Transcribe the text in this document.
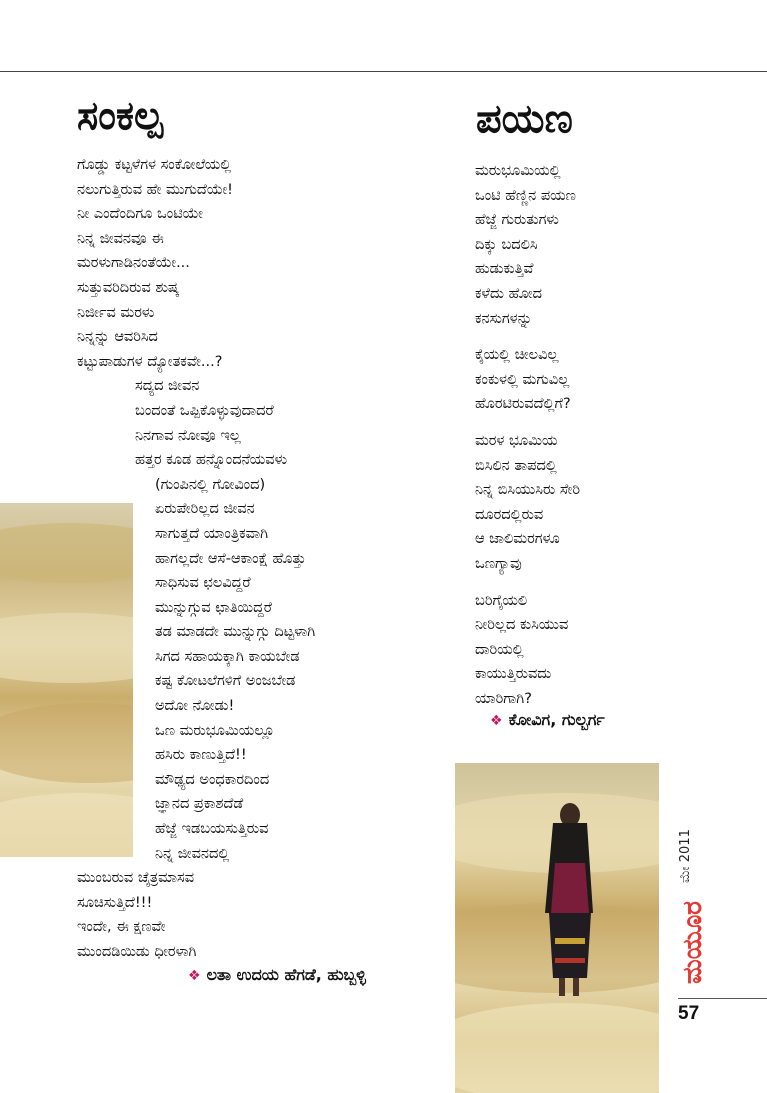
ಸಂಕಲ್ಪ
ಗೊಡ್ಡು ಕಟ್ಟಳೆಗಳ ಸಂಕೋಲೆಯಲ್ಲಿ
ನಲುಗುತ್ತಿರುವ ಹೇ ಮುಗುದೆಯೇ!
ನೀ ಎಂದೆಂದಿಗೂ ಒಂಟಿಯೇ
ನಿನ್ನ ಜೀವನವೂ ಈ
ಮರಳುಗಾಡಿನಂತೆಯೇ...
ಸುತ್ತುವರಿದಿರುವ ಶುಷ್ಕ
ನಿರ್ಜೀವ ಮರಳು
ನಿನ್ನನ್ನು ಆವರಿಸಿದ
ಕಟ್ಟುಪಾಡುಗಳ ದ್ಯೋತಕವೇ...?
ಸದ್ಯದ ಜೀವನ
ಬಂದಂತೆ ಒಪ್ಪಿಕೊಳ್ಳುವುದಾದರೆ
ನಿನಗಾವ ನೋವೂ ಇಲ್ಲ
ಹತ್ತರ ಕೂಡ ಹನ್ನೊಂದನೆಯವಳು
(ಗುಂಪಿನಲ್ಲಿ ಗೋವಿಂದ)
ಏರುಪೇರಿಲ್ಲದ ಜೀವನ
ಸಾಗುತ್ತದೆ ಯಾಂತ್ರಿಕವಾಗಿ
ಹಾಗಲ್ಲದೇ ಆಸೆ-ಆಕಾಂಕ್ಷೆ ಹೊತ್ತು
ಸಾಧಿಸುವ ಛಲವಿದ್ದರೆ
ಮುನ್ನುಗ್ಗುವ ಛಾತಿಯಿದ್ದರೆ
ತಡ ಮಾಡದೇ ಮುನ್ನುಗ್ಗು ದಿಟ್ಟಳಾಗಿ
ಸಿಗದ ಸಹಾಯಕ್ಕಾಗಿ ಕಾಯಬೇಡ
ಕಷ್ಟ ಕೋಟಲೆಗಳಿಗೆ ಅಂಜಬೇಡ
ಅದೋ ನೋಡು!
ಒಣ ಮರುಭೂಮಿಯಲ್ಲೂ
ಹಸಿರು ಕಾಣುತ್ತಿದೆ!!
ಮೌಢ್ಯದ ಅಂಧಕಾರದಿಂದ
ಜ್ಞಾನದ ಪ್ರಕಾಶದೆಡೆ
ಹೆಜ್ಜೆ ಇಡಬಯಸುತ್ತಿರುವ
ನಿನ್ನ ಜೀವನದಲ್ಲಿ
ಮುಂಬರುವ ಚೈತ್ರಮಾಸವ
ಸೂಚಿಸುತ್ತಿದೆ!!!
ಇಂದೇ, ಈ ಕ್ಷಣವೇ
ಮುಂದಡಿಯಿಡು ಧೀರಳಾಗಿ
❖ ಲತಾ ಉದಯ ಹೆಗಡೆ, ಹುಬ್ಬಳ್ಳಿ
ಪಯಣ
ಮರುಭೂಮಿಯಲ್ಲಿ
ಒಂಟಿ ಹೆಣ್ಣಿನ ಪಯಣ
ಹೆಜ್ಜೆ ಗುರುತುಗಳು
ದಿಕ್ಕು ಬದಲಿಸಿ
ಹುಡುಕುತ್ತಿವೆ
ಕಳೆದು ಹೋದ
ಕನಸುಗಳನ್ನು
ಕೈಯಲ್ಲಿ ಚೀಲವಿಲ್ಲ
ಕಂಕುಳಲ್ಲಿ ಮಗುವಿಲ್ಲ
ಹೊರಟಿರುವದೆಲ್ಲಿಗೆ?
ಮರಳ ಭೂಮಿಯ
ಬಿಸಿಲಿನ ತಾಪದಲ್ಲಿ
ನಿನ್ನ ಬಿಸಿಯುಸಿರು ಸೇರಿ
ದೂರದಲ್ಲಿರುವ
ಆ ಜಾಲಿಮರಗಳೂ
ಒಣಗ್ಯಾವು
ಬರಿಗೈಯಲಿ
ನೀರಿಲ್ಲದ ಕುಸಿಯುವ
ದಾರಿಯಲ್ಲಿ
ಕಾಯುತ್ತಿರುವದು
ಯಾರಿಗಾಗಿ?
❖ ಕೋವಿಗ, ಗುಲ್ಬರ್ಗ
ಮೇ 2011
ಮಯೂರ
57
